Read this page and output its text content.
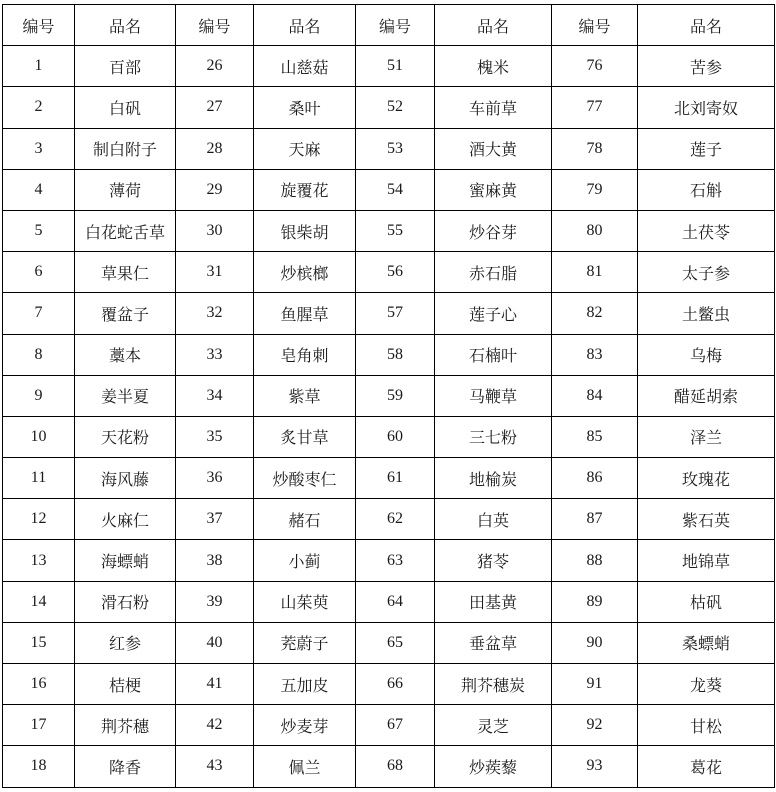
编号	品名	编号	品名	编号	品名	编号	品名
1	百部	26	山慈菇	51	槐米	76	苦参
2	白矾	27	桑叶	52	车前草	77	北刘寄奴
3	制白附子	28	天麻	53	酒大黄	78	莲子
4	薄荷	29	旋覆花	54	蜜麻黄	79	石斛
5	白花蛇舌草	30	银柴胡	55	炒谷芽	80	土茯苓
6	草果仁	31	炒槟榔	56	赤石脂	81	太子参
7	覆盆子	32	鱼腥草	57	莲子心	82	土鳖虫
8	藁本	33	皂角刺	58	石楠叶	83	乌梅
9	姜半夏	34	紫草	59	马鞭草	84	醋延胡索
10	天花粉	35	炙甘草	60	三七粉	85	泽兰
11	海风藤	36	炒酸枣仁	61	地榆炭	86	玫瑰花
12	火麻仁	37	赭石	62	白英	87	紫石英
13	海螵蛸	38	小蓟	63	猪苓	88	地锦草
14	滑石粉	39	山茱萸	64	田基黄	89	枯矾
15	红参	40	茺蔚子	65	垂盆草	90	桑螵蛸
16	桔梗	41	五加皮	66	荆芥穗炭	91	龙葵
17	荆芥穗	42	炒麦芽	67	灵芝	92	甘松
18	降香	43	佩兰	68	炒蒺藜	93	葛花
